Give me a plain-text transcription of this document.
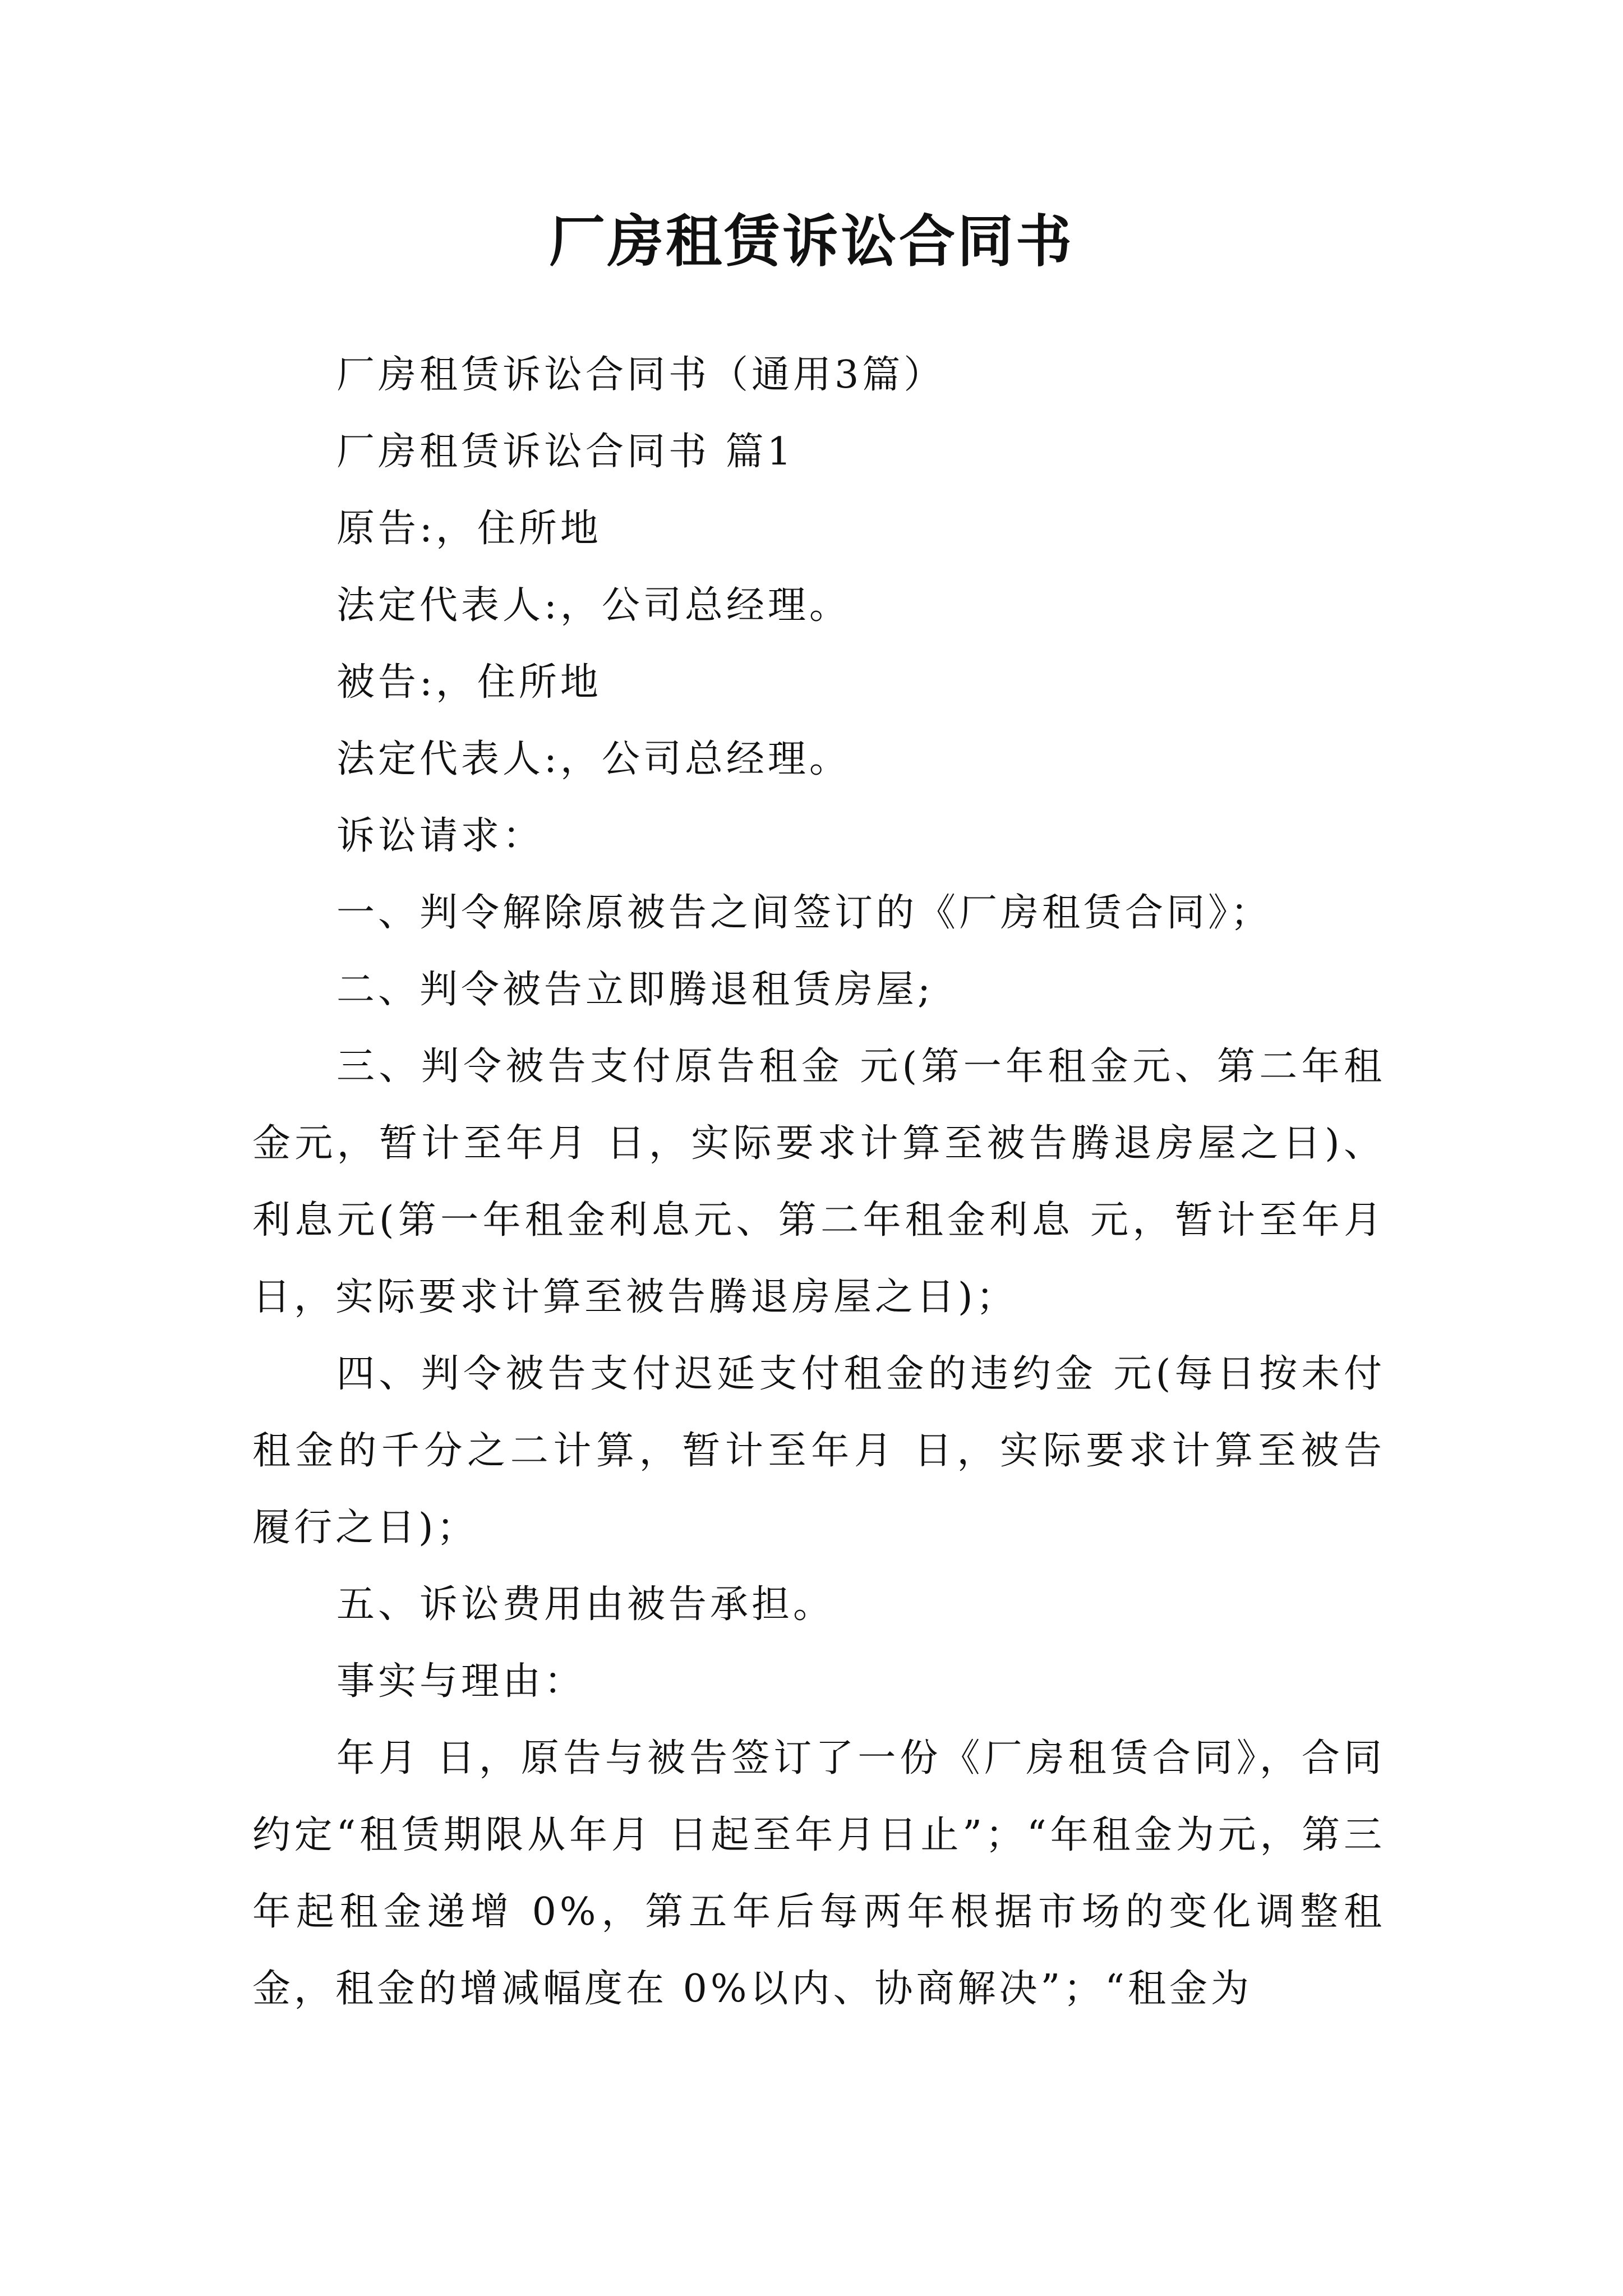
厂房租赁诉讼合同书

厂房租赁诉讼合同书（通用3篇）

厂房租赁诉讼合同书 篇1

原告:，住所地

法定代表人:，公司总经理。

被告:，住所地

法定代表人:，公司总经理。

诉讼请求：

一、判令解除原被告之间签订的《厂房租赁合同》；

二、判令被告立即腾退租赁房屋;

三、判令被告支付原告租金 元(第一年租金元、第二年租金元，暂计至年月 日，实际要求计算至被告腾退房屋之日)、利息元(第一年租金利息元、第二年租金利息 元，暂计至年月 日，实际要求计算至被告腾退房屋之日)；

四、判令被告支付迟延支付租金的违约金 元(每日按未付租金的千分之二计算，暂计至年月 日，实际要求计算至被告履行之日)；

五、诉讼费用由被告承担。

事实与理由：

年月 日，原告与被告签订了一份《厂房租赁合同》，合同约定“租赁期限从年月 日起至年月日止”；“年租金为元，第三年起租金递增 0%，第五年后每两年根据市场的变化调整租金，租金的增减幅度在 0%以内、协商解决”；“租金为
